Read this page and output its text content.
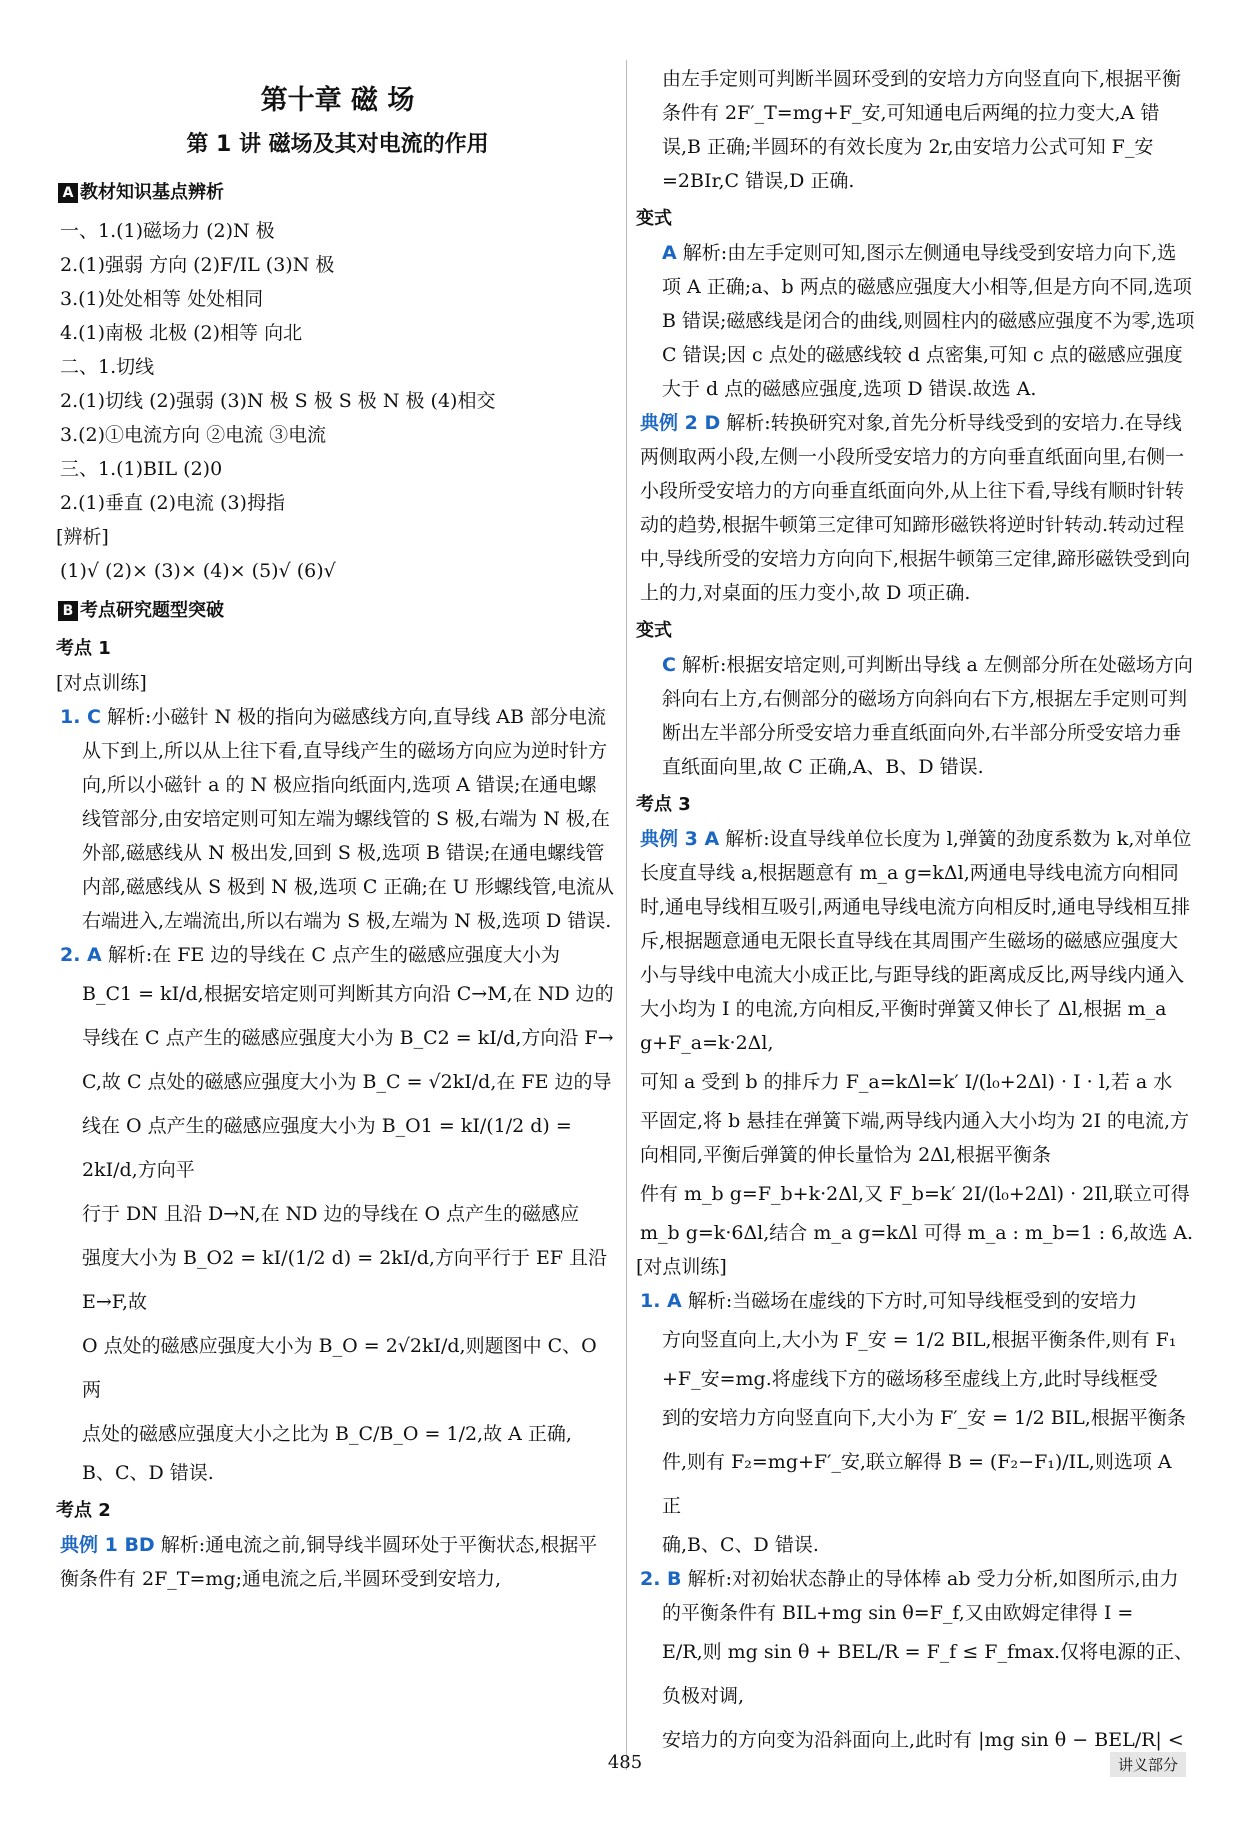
第十章 磁 场
第 1 讲 磁场及其对电流的作用
A 教材知识基点辨析

一、1.(1)磁场力 (2)N 极

2.(1)强弱 方向 (2)F/IL (3)N 极

3.(1)处处相等 处处相同

4.(1)南极 北极 (2)相等 向北

二、1.切线

2.(1)切线 (2)强弱 (3)N 极 S 极 S 极 N 极 (4)相交

3.(2)①电流方向 ②电流 ③电流

三、1.(1)BIL (2)0

2.(1)垂直 (2)电流 (3)拇指

[辨析]

(1)√ (2)× (3)× (4)× (5)√ (6)√

B 考点研究题型突破
考点 1

[对点训练]

1. C 解析:小磁针 N 极的指向为磁感线方向,直导线 AB 部分电流从下到上,所以从上往下看,直导线产生的磁场方向应为逆时针方向,所以小磁针 a 的 N 极应指向纸面内,选项 A 错误;在通电螺线管部分,由安培定则可知左端为螺线管的 S 极,右端为 N 极,在外部,磁感线从 N 极出发,回到 S 极,选项 B 错误;在通电螺线管内部,磁感线从 S 极到 N 极,选项 C 正确;在 U 形螺线管,电流从右端进入,左端流出,所以右端为 S 极,左端为 N 极,选项 D 错误.

2. A 解析:在 FE 边的导线在 C 点产生的磁感应强度大小为

B_C1 = kI/d,根据安培定则可判断其方向沿 C→M,在 ND 边的

导线在 C 点产生的磁感应强度大小为 B_C2 = kI/d,方向沿 F→

C,故 C 点处的磁感应强度大小为 B_C = √2kI/d,在 FE 边的导

线在 O 点产生的磁感应强度大小为 B_O1 = kI/(1/2 d) = 2kI/d,方向平

行于 DN 且沿 D→N,在 ND 边的导线在 O 点产生的磁感应

强度大小为 B_O2 = kI/(1/2 d) = 2kI/d,方向平行于 EF 且沿 E→F,故

O 点处的磁感应强度大小为 B_O = 2√2kI/d,则题图中 C、O 两

点处的磁感应强度大小之比为 B_C/B_O = 1/2,故 A 正确,

B、C、D 错误.

考点 2

典例 1 BD 解析:通电流之前,铜导线半圆环处于平衡状态,根据平衡条件有 2F_T=mg;通电流之后,半圆环受到安培力,

由左手定则可判断半圆环受到的安培力方向竖直向下,根据平衡条件有 2F′_T=mg+F_安,可知通电后两绳的拉力变大,A 错误,B 正确;半圆环的有效长度为 2r,由安培力公式可知 F_安=2BIr,C 错误,D 正确.

变式

A 解析:由左手定则可知,图示左侧通电导线受到安培力向下,选项 A 正确;a、b 两点的磁感应强度大小相等,但是方向不同,选项 B 错误;磁感线是闭合的曲线,则圆柱内的磁感应强度不为零,选项 C 错误;因 c 点处的磁感线较 d 点密集,可知 c 点的磁感应强度大于 d 点的磁感应强度,选项 D 错误.故选 A.

典例 2 D 解析:转换研究对象,首先分析导线受到的安培力.在导线两侧取两小段,左侧一小段所受安培力的方向垂直纸面向里,右侧一小段所受安培力的方向垂直纸面向外,从上往下看,导线有顺时针转动的趋势,根据牛顿第三定律可知蹄形磁铁将逆时针转动.转动过程中,导线所受的安培力方向向下,根据牛顿第三定律,蹄形磁铁受到向上的力,对桌面的压力变小,故 D 项正确.

变式

C 解析:根据安培定则,可判断出导线 a 左侧部分所在处磁场方向斜向右上方,右侧部分的磁场方向斜向右下方,根据左手定则可判断出左半部分所受安培力垂直纸面向外,右半部分所受安培力垂直纸面向里,故 C 正确,A、B、D 错误.

考点 3

典例 3 A 解析:设直导线单位长度为 l,弹簧的劲度系数为 k,对单位长度直导线 a,根据题意有 m_a g=kΔl,两通电导线电流方向相同时,通电导线相互吸引,两通电导线电流方向相反时,通电导线相互排斥,根据题意通电无限长直导线在其周围产生磁场的磁感应强度大小与导线中电流大小成正比,与距导线的距离成反比,两导线内通入大小均为 I 的电流,方向相反,平衡时弹簧又伸长了 Δl,根据 m_a g+F_a=k·2Δl,

可知 a 受到 b 的排斥力 F_a=kΔl=k′ I/(l₀+2Δl) · I · l,若 a 水

平固定,将 b 悬挂在弹簧下端,两导线内通入大小均为 2I 的电流,方向相同,平衡后弹簧的伸长量恰为 2Δl,根据平衡条

件有 m_b g=F_b+k·2Δl,又 F_b=k′ 2I/(l₀+2Δl) · 2Il,联立可得

m_b g=k·6Δl,结合 m_a g=kΔl 可得 m_a : m_b=1 : 6,故选 A.

[对点训练]

1. A 解析:当磁场在虚线的下方时,可知导线框受到的安培力

方向竖直向上,大小为 F_安 = 1/2 BIL,根据平衡条件,则有 F₁

+F_安=mg.将虚线下方的磁场移至虚线上方,此时导线框受

到的安培力方向竖直向下,大小为 F′_安 = 1/2 BIL,根据平衡条

件,则有 F₂=mg+F′_安,联立解得 B = (F₂−F₁)/IL,则选项 A 正

确,B、C、D 错误.

2. B 解析:对初始状态静止的导体棒 ab 受力分析,如图所示,由力的平衡条件有 BIL+mg sin θ=F_f,又由欧姆定律得 I =

E/R,则 mg sin θ + BEL/R = F_f ≤ F_fmax.仅将电源的正、负极对调,

安培力的方向变为沿斜面向上,此时有 |mg sin θ − BEL/R| <

485	讲义部分
